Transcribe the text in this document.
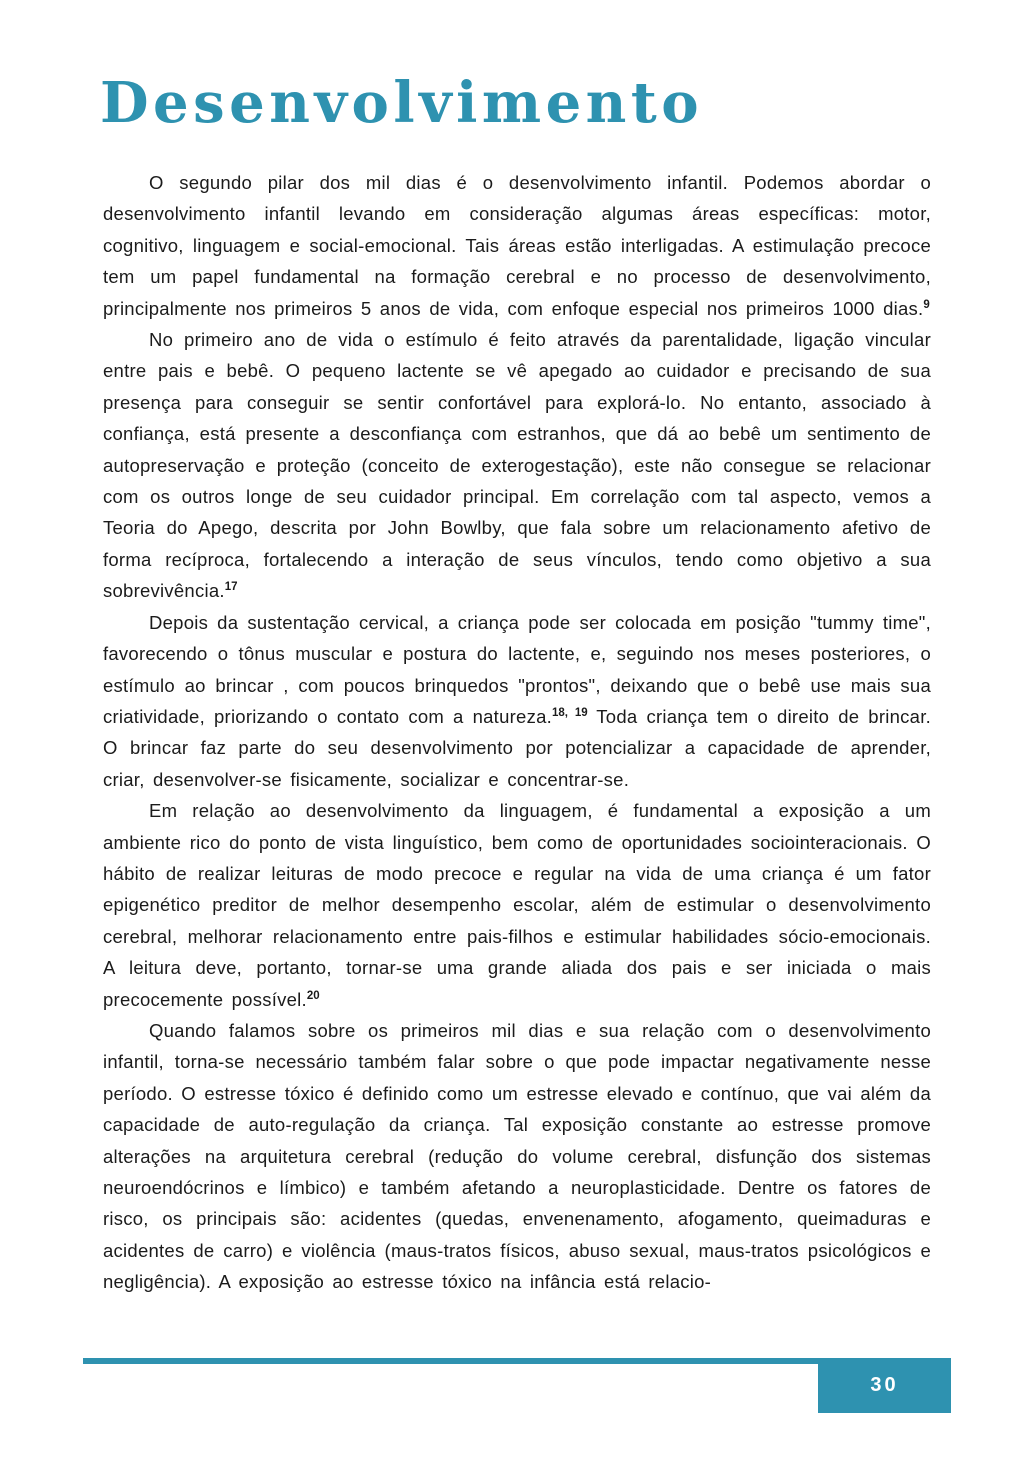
Desenvolvimento

O segundo pilar dos mil dias é o desenvolvimento infantil. Podemos abordar o desenvolvimento infantil levando em consideração algumas áreas específicas: motor, cognitivo, linguagem e social-emocional. Tais áreas estão interligadas. A estimulação precoce tem um papel fundamental na formação cerebral e no processo de desenvolvimento, principalmente nos primeiros 5 anos de vida, com enfoque especial nos primeiros 1000 dias.$^9$

No primeiro ano de vida o estímulo é feito através da parentalidade, ligação vincular entre pais e bebê. O pequeno lactente se vê apegado ao cuidador e precisando de sua presença para conseguir se sentir confortável para explorá-lo. No entanto, associado à confiança, está presente a desconfiança com estranhos, que dá ao bebê um sentimento de autopreservação e proteção (conceito de exterogestação), este não consegue se relacionar com os outros longe de seu cuidador principal. Em correlação com tal aspecto, vemos a Teoria do Apego, descrita por John Bowlby, que fala sobre um relacionamento afetivo de forma recíproca, fortalecendo a interação de seus vínculos, tendo como objetivo a sua sobrevivência.$^{17}$

Depois da sustentação cervical, a criança pode ser colocada em posição "tummy time", favorecendo o tônus muscular e postura do lactente, e, seguindo nos meses posteriores, o estímulo ao brincar , com poucos brinquedos "prontos", deixando que o bebê use mais sua criatividade, priorizando o contato com a natureza.$^{18, 19}$ Toda criança tem o direito de brincar. O brincar faz parte do seu desenvolvimento por potencializar a capacidade de aprender, criar, desenvolver-se fisicamente, socializar e concentrar-se.

Em relação ao desenvolvimento da linguagem, é fundamental a exposição a um ambiente rico do ponto de vista linguístico, bem como de oportunidades sociointeracionais. O hábito de realizar leituras de modo precoce e regular na vida de uma criança é um fator epigenético preditor de melhor desempenho escolar, além de estimular o desenvolvimento cerebral, melhorar relacionamento entre pais-filhos e estimular habilidades sócio-emocionais. A leitura deve, portanto, tornar-se uma grande aliada dos pais e ser iniciada o mais precocemente possível.$^{20}$

Quando falamos sobre os primeiros mil dias e sua relação com o desenvolvimento infantil, torna-se necessário também falar sobre o que pode impactar negativamente nesse período. O estresse tóxico é definido como um estresse elevado e contínuo, que vai além da capacidade de auto-regulação da criança. Tal exposição constante ao estresse promove alterações na arquitetura cerebral (redução do volume cerebral, disfunção dos sistemas neuroendócrinos e límbico) e também afetando a neuroplasticidade. Dentre os fatores de risco, os principais são: acidentes (quedas, envenenamento, afogamento, queimaduras e acidentes de carro) e violência (maus-tratos físicos, abuso sexual, maus-tratos psicológicos e negligência). A exposição ao estresse tóxico na infância está relacio-

30
